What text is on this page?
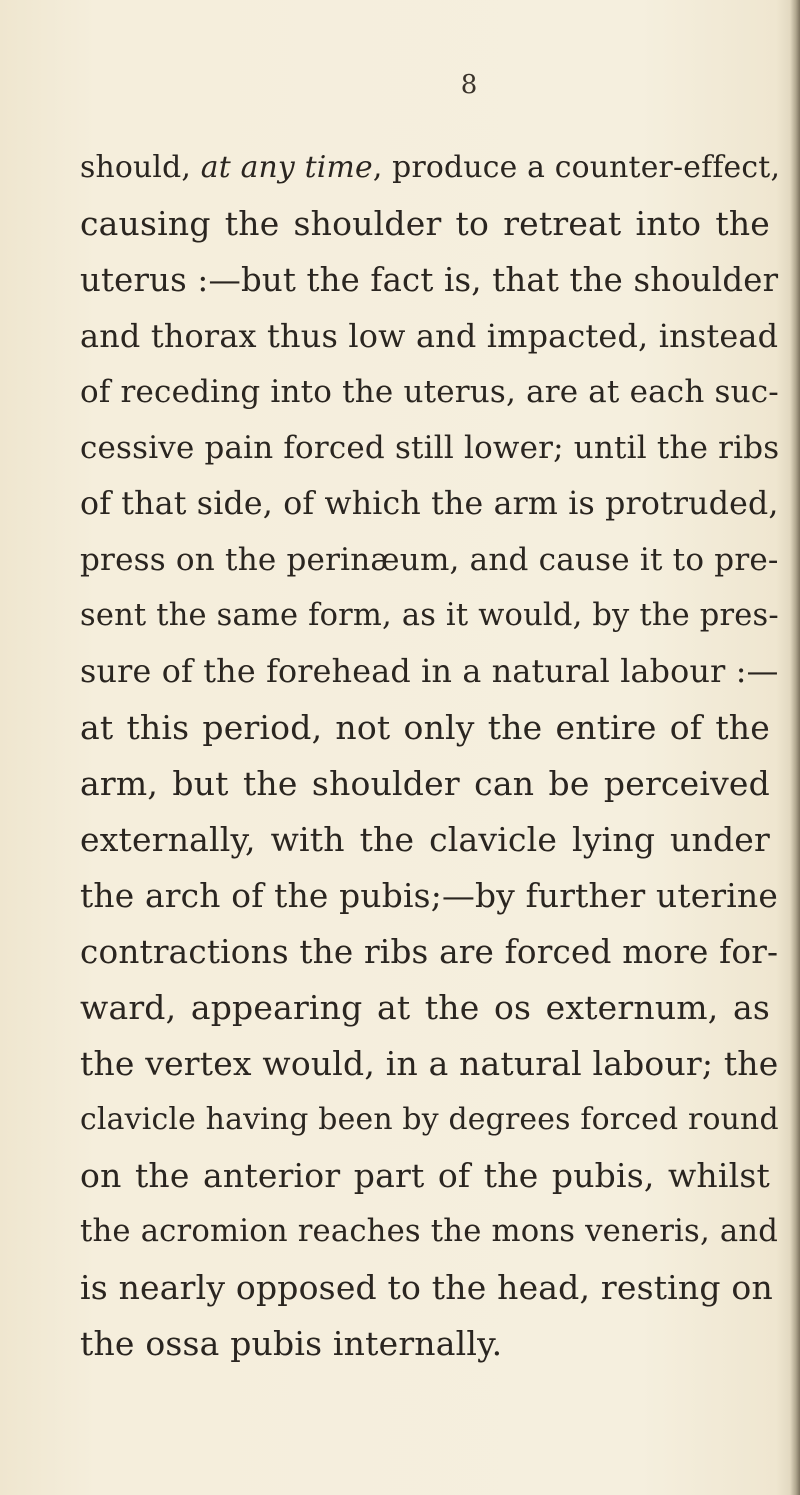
8
should, at any time, produce a counter-effect,
causing the shoulder to retreat into the
uterus :—but the fact is, that the shoulder
and thorax thus low and impacted, instead
of receding into the uterus, are at each suc-
cessive pain forced still lower; until the ribs
of that side, of which the arm is protruded,
press on the perinæum, and cause it to pre-
sent the same form, as it would, by the pres-
sure of the forehead in a natural labour :—
at this period, not only the entire of the
arm, but the shoulder can be perceived
externally, with the clavicle lying under
the arch of the pubis;—by further uterine
contractions the ribs are forced more for-
ward, appearing at the os externum, as
the vertex would, in a natural labour; the
clavicle having been by degrees forced round
on the anterior part of the pubis, whilst
the acromion reaches the mons veneris, and
is nearly opposed to the head, resting on
the ossa pubis internally.
